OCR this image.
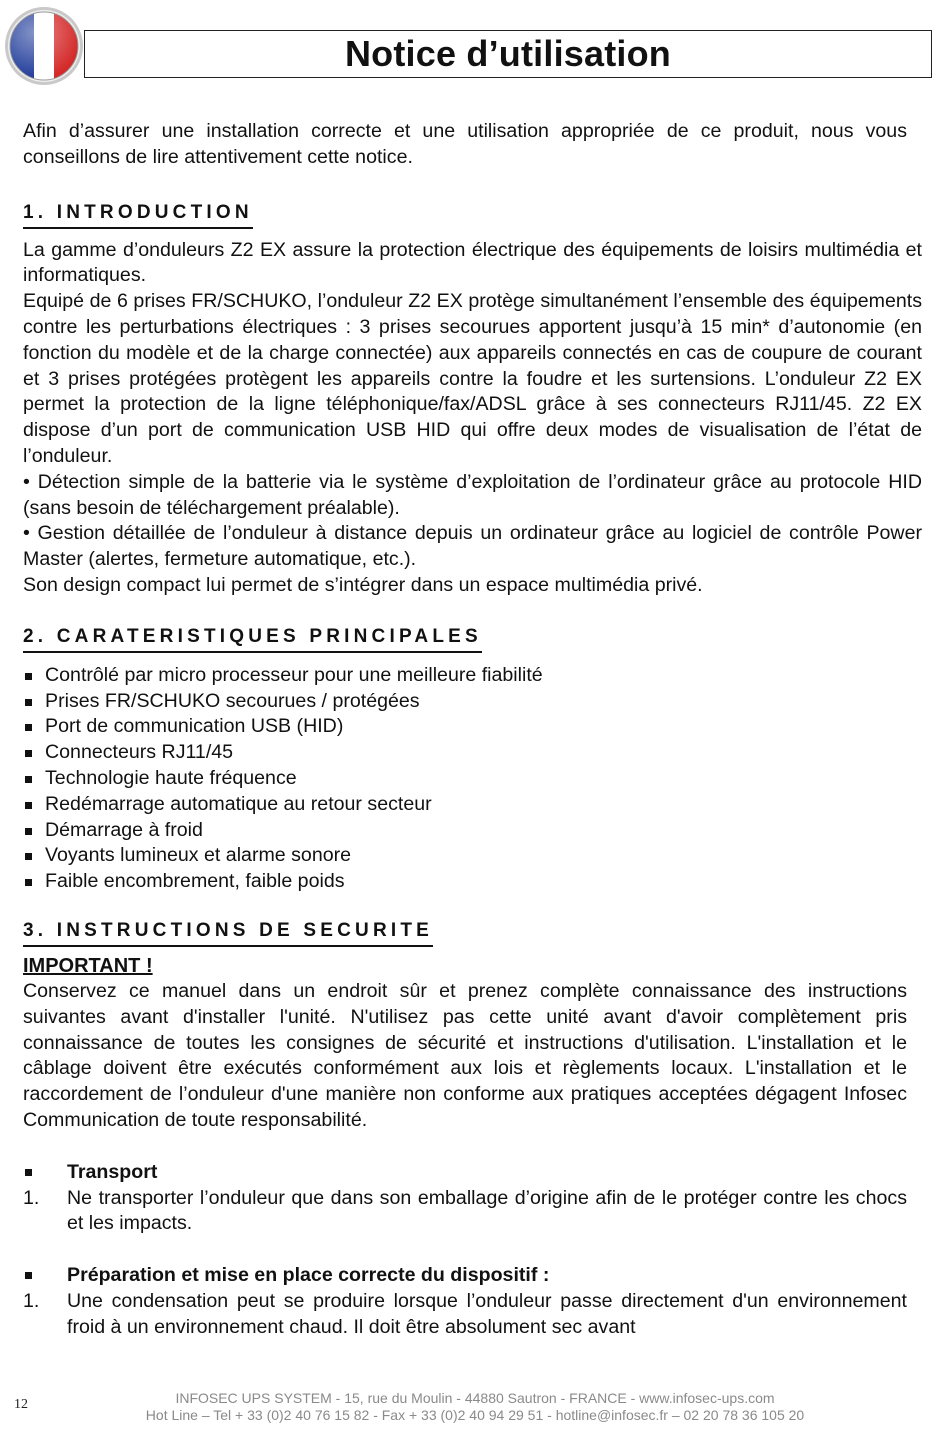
Notice d’utilisation

Afin d’assurer une installation correcte et une utilisation appropriée de ce produit, nous vous conseillons de lire attentivement cette notice.

1. INTRODUCTION

La gamme d’onduleurs Z2 EX assure la protection électrique des équipements de loisirs multimédia et informatiques.

Equipé de 6 prises FR/SCHUKO, l’onduleur Z2 EX protège simultanément l’ensemble des équipements contre les perturbations électriques : 3 prises secourues apportent jusqu’à 15 min* d’autonomie (en fonction du modèle et de la charge connectée) aux appareils connectés en cas de coupure de courant et 3 prises protégées protègent les appareils contre la foudre et les surtensions. L’onduleur Z2 EX permet la protection de la ligne téléphonique/fax/ADSL grâce à ses connecteurs RJ11/45. Z2 EX dispose d’un port de communication USB HID qui offre deux modes de visualisation de l’état de l’onduleur.

• Détection simple de la batterie via le système d’exploitation de l’ordinateur grâce au protocole HID (sans besoin de téléchargement préalable).

• Gestion détaillée de l’onduleur à distance depuis un ordinateur grâce au logiciel de contrôle Power Master (alertes, fermeture automatique, etc.).

Son design compact lui permet de s’intégrer dans un espace multimédia privé.

2. CARATERISTIQUES PRINCIPALES
Contrôlé par micro processeur pour une meilleure fiabilité
Prises FR/SCHUKO secourues / protégées
Port de communication USB (HID)
Connecteurs RJ11/45
Technologie haute fréquence
Redémarrage automatique au retour secteur
Démarrage à froid
Voyants lumineux et alarme sonore
Faible encombrement, faible poids
3. INSTRUCTIONS DE SECURITE
IMPORTANT !

Conservez ce manuel dans un endroit sûr et prenez complète connaissance des instructions suivantes avant d'installer l'unité. N'utilisez pas cette unité avant d'avoir complètement pris connaissance de toutes les consignes de sécurité et instructions d'utilisation. L'installation et le câblage doivent être exécutés conformément aux lois et règlements locaux. L'installation et le raccordement de l’onduleur d'une manière non conforme aux pratiques acceptées dégagent Infosec Communication de toute responsabilité.

Transport
1.	Ne transporter l’onduleur que dans son emballage d’origine afin de le protéger contre les chocs et les impacts.
Préparation et mise en place correcte du dispositif :
1.	Une condensation peut se produire lorsque l’onduleur passe directement d'un environnement froid à un environnement chaud. Il doit être absolument sec avant
12	INFOSEC UPS SYSTEM - 15, rue du Moulin - 44880 Sautron - FRANCE - www.infosec-ups.com
Hot Line – Tel + 33 (0)2 40 76 15 82 - Fax + 33 (0)2 40 94 29 51 - hotline@infosec.fr – 02 20 78 36 105 20
